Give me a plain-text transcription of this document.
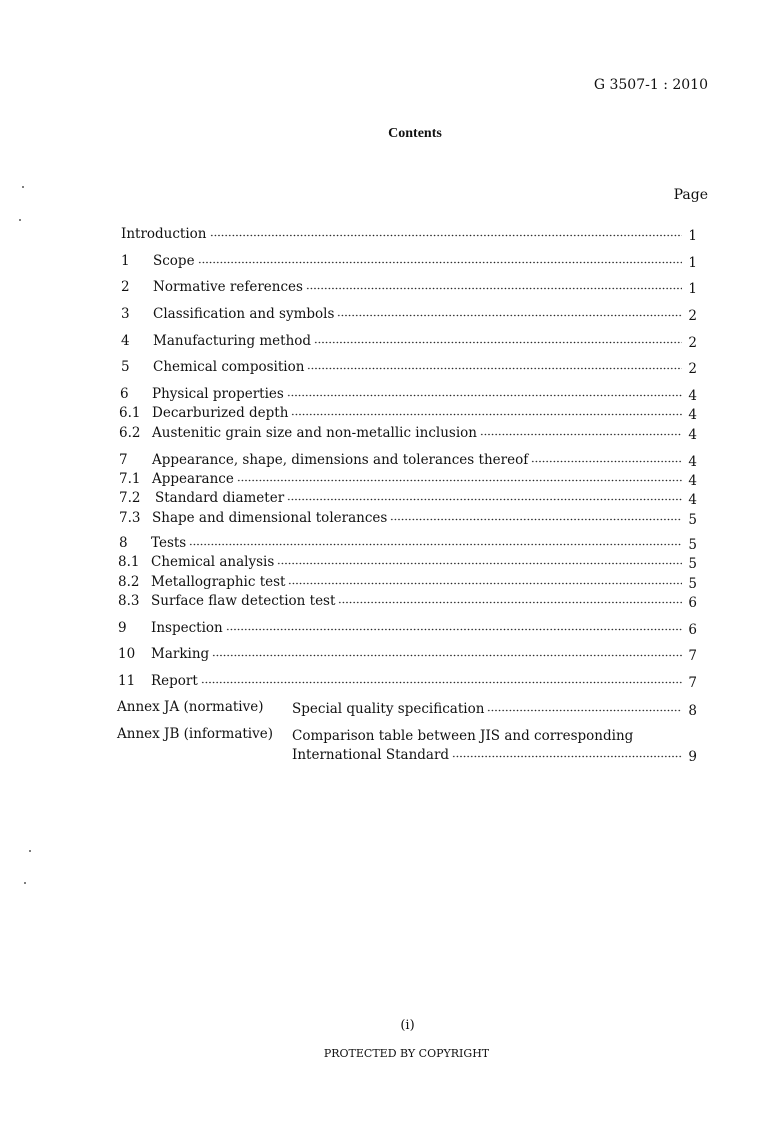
G 3507-1 : 2010
Contents
Page
Introduction	1
1 Scope	1
2 Normative references	1
3 Classification and symbols	2
4 Manufacturing method	2
5 Chemical composition	2
6 Physical properties	4
6.1 Decarburized depth	4
6.2 Austenitic grain size and non-metallic inclusion	4
7 Appearance, shape, dimensions and tolerances thereof	4
7.1 Appearance	4
7.2 Standard diameter	4
7.3 Shape and dimensional tolerances	5
8 Tests	5
8.1 Chemical analysis	5
8.2 Metallographic test	5
8.3 Surface flaw detection test	6
9 Inspection	6
10 Marking	7
11 Report	7
Annex JA (normative) Special quality specification	8
Annex JB (informative) Comparison table between JIS and corresponding
International Standard	9
(i)
PROTECTED BY COPYRIGHT
